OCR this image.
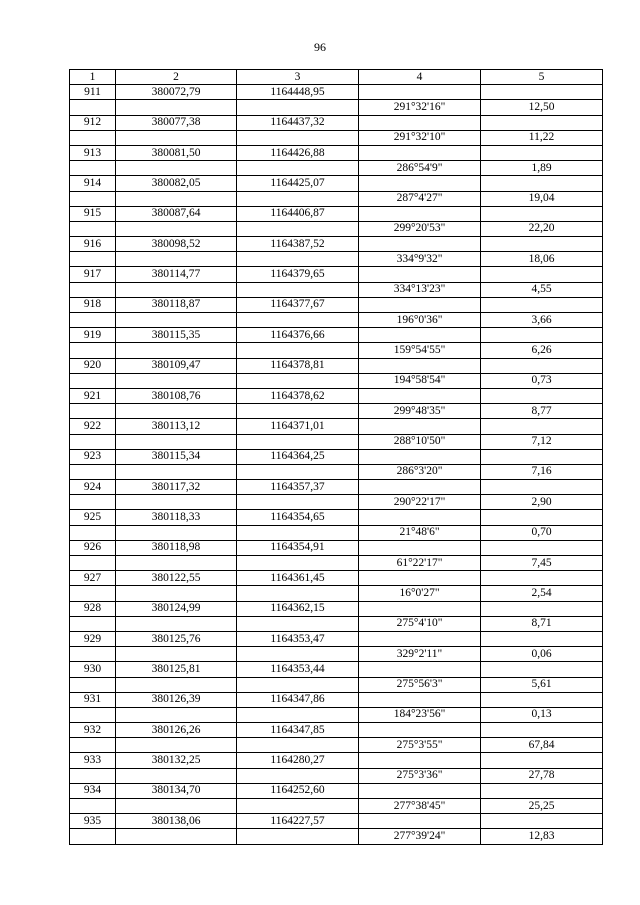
96
1	2	3	4	5
911	380072,79	1164448,95		
			291°32'16"	12,50
912	380077,38	1164437,32		
			291°32'10"	11,22
913	380081,50	1164426,88		
			286°54'9"	1,89
914	380082,05	1164425,07		
			287°4'27"	19,04
915	380087,64	1164406,87		
			299°20'53"	22,20
916	380098,52	1164387,52		
			334°9'32"	18,06
917	380114,77	1164379,65		
			334°13'23"	4,55
918	380118,87	1164377,67		
			196°0'36"	3,66
919	380115,35	1164376,66		
			159°54'55"	6,26
920	380109,47	1164378,81		
			194°58'54"	0,73
921	380108,76	1164378,62		
			299°48'35"	8,77
922	380113,12	1164371,01		
			288°10'50"	7,12
923	380115,34	1164364,25		
			286°3'20"	7,16
924	380117,32	1164357,37		
			290°22'17"	2,90
925	380118,33	1164354,65		
			21°48'6"	0,70
926	380118,98	1164354,91		
			61°22'17"	7,45
927	380122,55	1164361,45		
			16°0'27"	2,54
928	380124,99	1164362,15		
			275°4'10"	8,71
929	380125,76	1164353,47		
			329°2'11"	0,06
930	380125,81	1164353,44		
			275°56'3"	5,61
931	380126,39	1164347,86		
			184°23'56"	0,13
932	380126,26	1164347,85		
			275°3'55"	67,84
933	380132,25	1164280,27		
			275°3'36"	27,78
934	380134,70	1164252,60		
			277°38'45"	25,25
935	380138,06	1164227,57		
			277°39'24"	12,83
